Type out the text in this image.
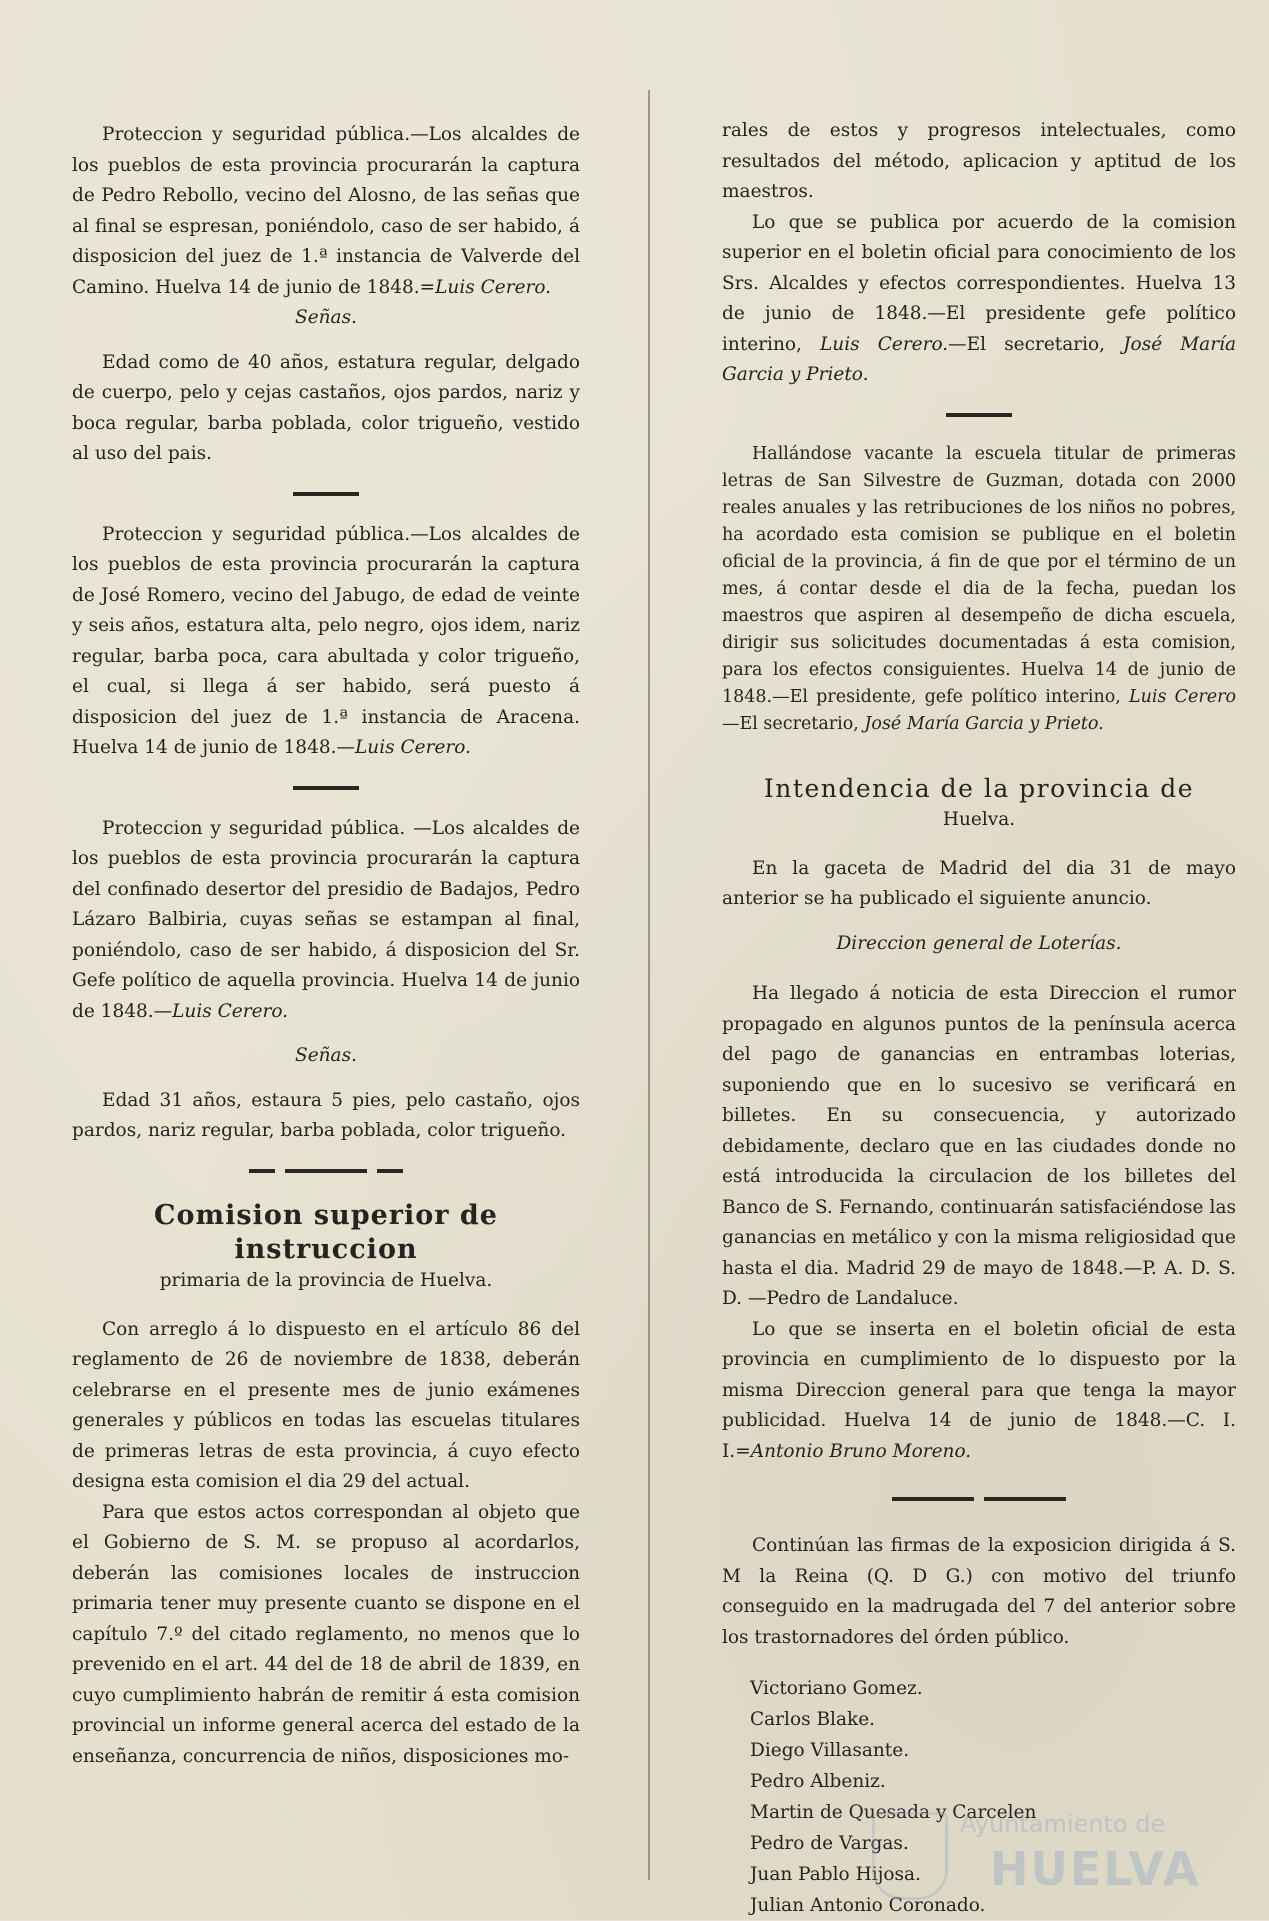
Proteccion y seguridad pública.—Los alcaldes de los pueblos de esta provincia procurarán la captura de Pedro Rebollo, vecino del Alosno, de las señas que al final se espresan, poniéndolo, caso de ser habido, á disposicion del juez de 1.ª instancia de Valverde del Camino. Huelva 14 de junio de 1848.=Luis Cerero.

Señas.

Edad como de 40 años, estatura regular, delgado de cuerpo, pelo y cejas castaños, ojos pardos, nariz y boca regular, barba poblada, color trigueño, vestido al uso del pais.

Proteccion y seguridad pública.—Los alcaldes de los pueblos de esta provincia procurarán la captura de José Romero, vecino del Jabugo, de edad de veinte y seis años, estatura alta, pelo negro, ojos idem, nariz regular, barba poca, cara abultada y color trigueño, el cual, si llega á ser habido, será puesto á disposicion del juez de 1.ª instancia de Aracena. Huelva 14 de junio de 1848.—Luis Cerero.

Proteccion y seguridad pública. —Los alcaldes de los pueblos de esta provincia procurarán la captura del confinado desertor del presidio de Badajos, Pedro Lázaro Balbiria, cuyas señas se estampan al final, poniéndolo, caso de ser habido, á disposicion del Sr. Gefe político de aquella provincia. Huelva 14 de junio de 1848.—Luis Cerero.

Señas.

Edad 31 años, estaura 5 pies, pelo castaño, ojos pardos, nariz regular, barba poblada, color trigueño.

Comision superior de instruccion

primaria de la provincia de Huelva.

Con arreglo á lo dispuesto en el artículo 86 del reglamento de 26 de noviembre de 1838, deberán celebrarse en el presente mes de junio exámenes generales y públicos en todas las escuelas titulares de primeras letras de esta provincia, á cuyo efecto designa esta comision el dia 29 del actual.

Para que estos actos correspondan al objeto que el Gobierno de S. M. se propuso al acordarlos, deberán las comisiones locales de instruccion primaria tener muy presente cuanto se dispone en el capítulo 7.º del citado reglamento, no menos que lo prevenido en el art. 44 del de 18 de abril de 1839, en cuyo cumplimiento habrán de remitir á esta comision provincial un informe general acerca del estado de la enseñanza, concurrencia de niños, disposiciones mo-

rales de estos y progresos intelectuales, como resultados del método, aplicacion y aptitud de los maestros.

Lo que se publica por acuerdo de la comision superior en el boletin oficial para conocimiento de los Srs. Alcaldes y efectos correspondientes. Huelva 13 de junio de 1848.—El presidente gefe político interino, Luis Cerero.—El secretario, José María Garcia y Prieto.

Hallándose vacante la escuela titular de primeras letras de San Silvestre de Guzman, dotada con 2000 reales anuales y las retribuciones de los niños no pobres, ha acordado esta comision se publique en el boletin oficial de la provincia, á fin de que por el término de un mes, á contar desde el dia de la fecha, puedan los maestros que aspiren al desempeño de dicha escuela, dirigir sus solicitudes documentadas á esta comision, para los efectos consiguientes. Huelva 14 de junio de 1848.—El presidente, gefe político interino, Luis Cerero —El secretario, José María Garcia y Prieto.

Intendencia de la provincia de

Huelva.

En la gaceta de Madrid del dia 31 de mayo anterior se ha publicado el siguiente anuncio.

Direccion general de Loterías.

Ha llegado á noticia de esta Direccion el rumor propagado en algunos puntos de la península acerca del pago de ganancias en entrambas loterias, suponiendo que en lo sucesivo se verificará en billetes. En su consecuencia, y autorizado debidamente, declaro que en las ciudades donde no está introducida la circulacion de los billetes del Banco de S. Fernando, continuarán satisfaciéndose las ganancias en metálico y con la misma religiosidad que hasta el dia. Madrid 29 de mayo de 1848.—P. A. D. S. D. —Pedro de Landaluce.

Lo que se inserta en el boletin oficial de esta provincia en cumplimiento de lo dispuesto por la misma Direccion general para que tenga la mayor publicidad. Huelva 14 de junio de 1848.—C. I. I.=Antonio Bruno Moreno.

Continúan las firmas de la exposicion dirigida á S. M la Reina (Q. D G.) con motivo del triunfo conseguido en la madrugada del 7 del anterior sobre los trastornadores del órden público.

Victoriano Gomez.

Carlos Blake.

Diego Villasante.

Pedro Albeniz.

Martin de Quesada y Carcelen

Pedro de Vargas.

Juan Pablo Hijosa.

Julian Antonio Coronado.

Ayuntamiento de
HUELVA
